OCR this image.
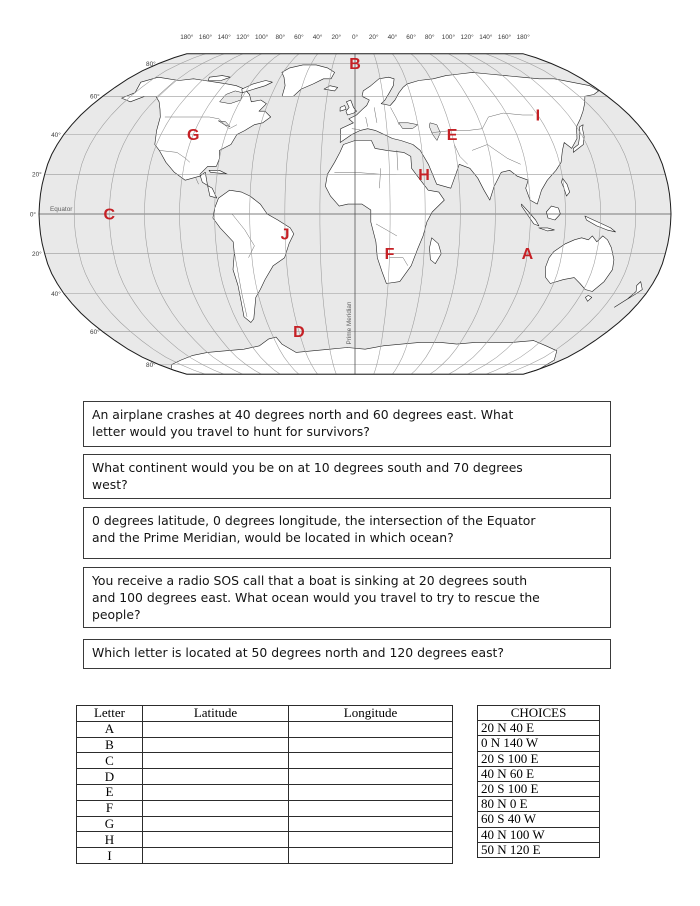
180° 160° 140° 120° 100° 80° 60° 40° 20° 0° 20° 40° 60° 80° 100° 120° 140° 160° 180°
80°
60°
40°
20°
0°
20°
40°
60°
80°
Equator
Prime Meridian
A
B
C
D
E
F
G
H
I
J
An airplane crashes at 40 degrees north and 60 degrees east. What
letter would you travel to hunt for survivors?
What continent would you be on at 10 degrees south and 70 degrees
west?
0 degrees latitude, 0 degrees longitude, the intersection of the Equator
and the Prime Meridian, would be located in which ocean?
You receive a radio SOS call that a boat is sinking at 20 degrees south
and 100 degrees east. What ocean would you travel to try to rescue the
people?
Which letter is located at 50 degrees north and 120 degrees east?
Letter	Latitude	Longitude
A		
B		
C		
D		
E		
F		
G		
H		
I		
CHOICES
20 N 40 E
0 N 140 W
20 S 100 E
40 N 60 E
20 S 100 E
80 N 0 E
60 S 40 W
40 N 100 W
50 N 120 E
